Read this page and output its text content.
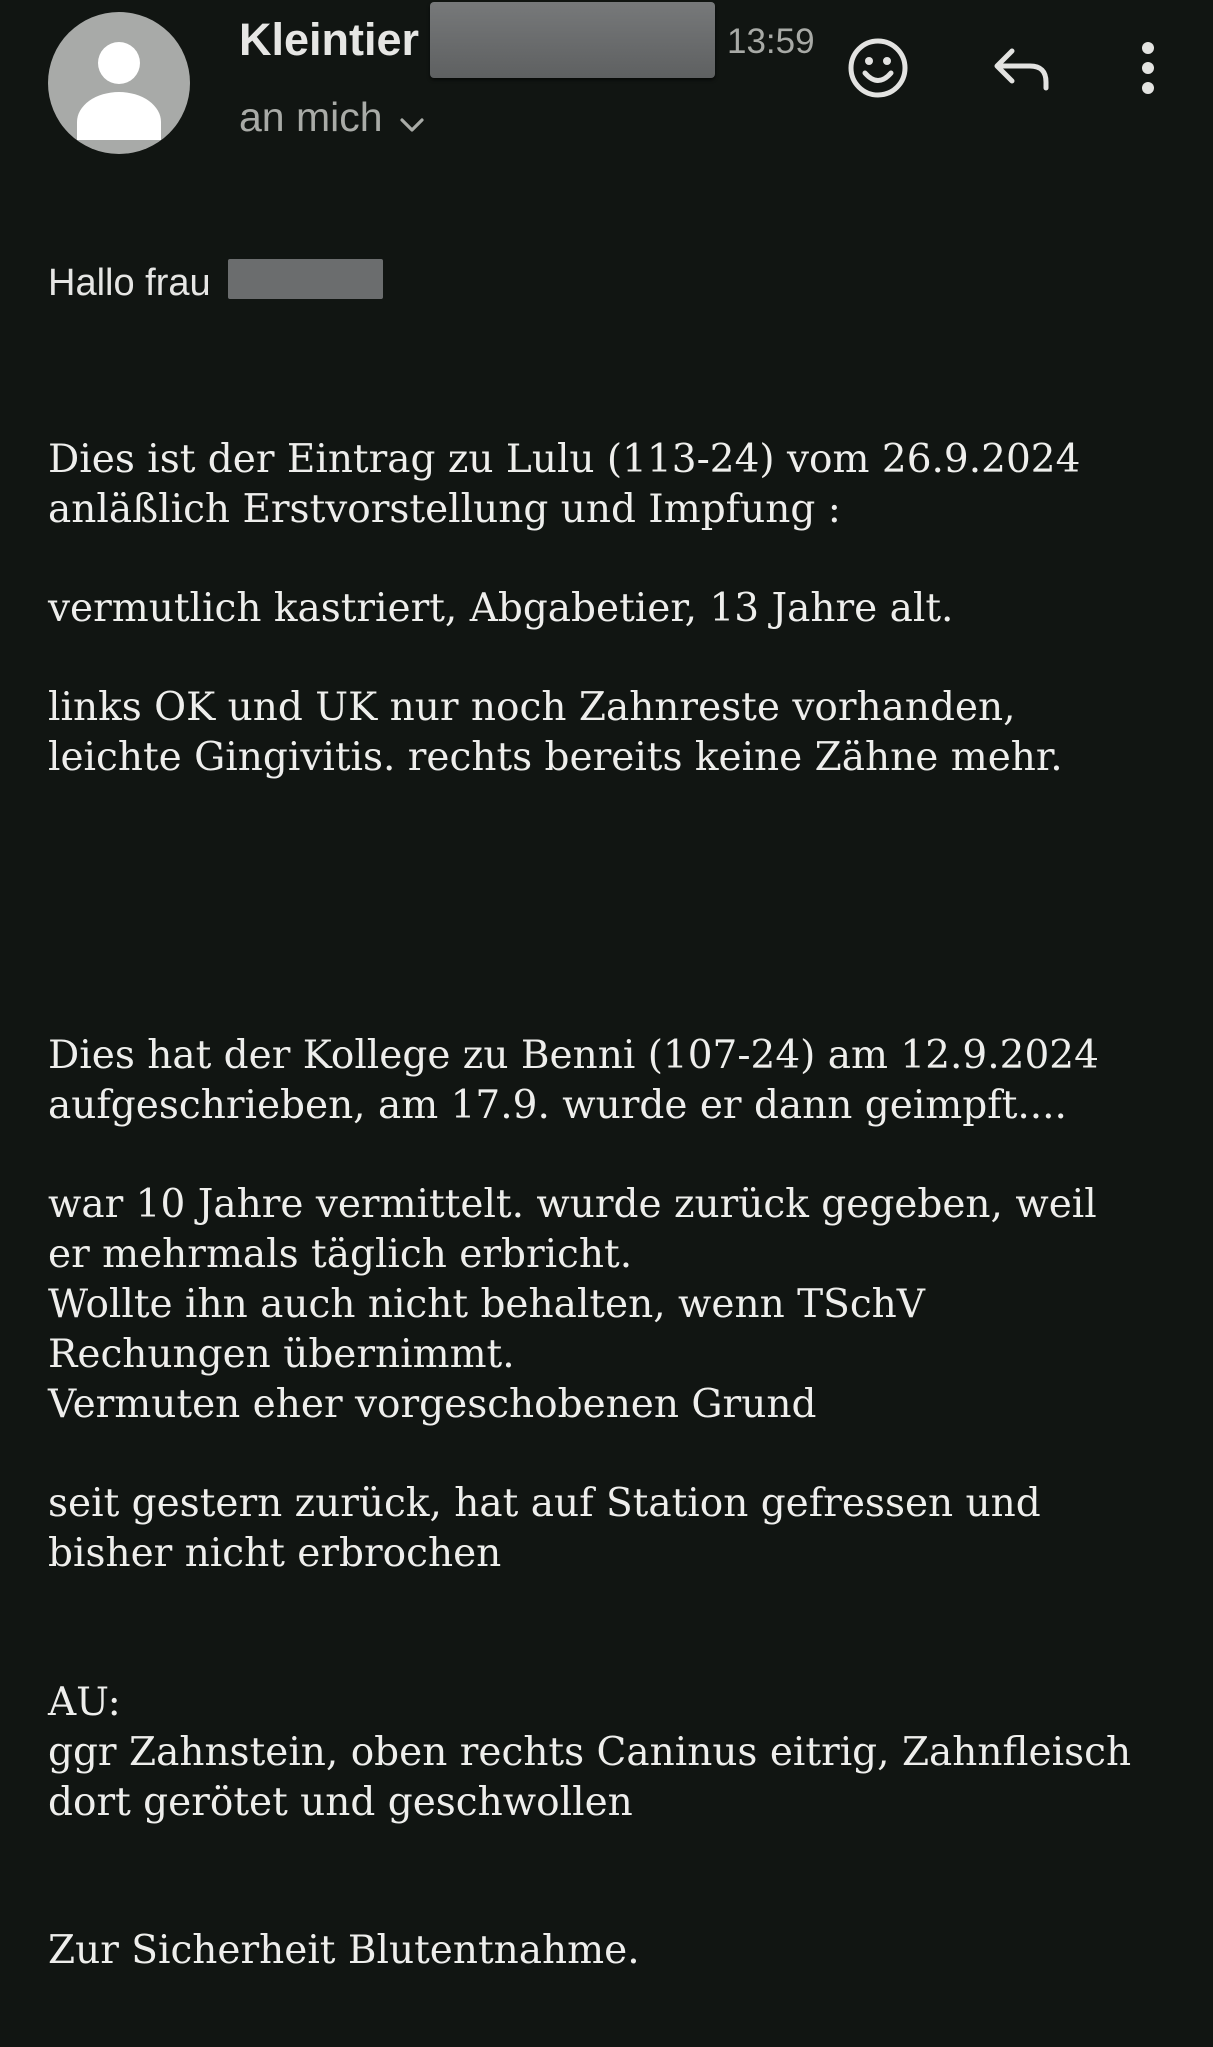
Kleintier	13:59
an mich
Hallo frau
Dies ist der Eintrag zu Lulu (113-24) vom 26.9.2024
anläßlich Erstvorstellung und Impfung :
vermutlich kastriert, Abgabetier, 13 Jahre alt.
links OK und UK nur noch Zahnreste vorhanden,
leichte Gingivitis. rechts bereits keine Zähne mehr.
Dies hat der Kollege zu Benni (107-24) am 12.9.2024
aufgeschrieben, am 17.9. wurde er dann geimpft....
war 10 Jahre vermittelt. wurde zurück gegeben, weil
er mehrmals täglich erbricht.
Wollte ihn auch nicht behalten, wenn TSchV
Rechungen übernimmt.
Vermuten eher vorgeschobenen Grund
seit gestern zurück, hat auf Station gefressen und
bisher nicht erbrochen
AU:
ggr Zahnstein, oben rechts Caninus eitrig, Zahnfleisch
dort gerötet und geschwollen
Zur Sicherheit Blutentnahme.
